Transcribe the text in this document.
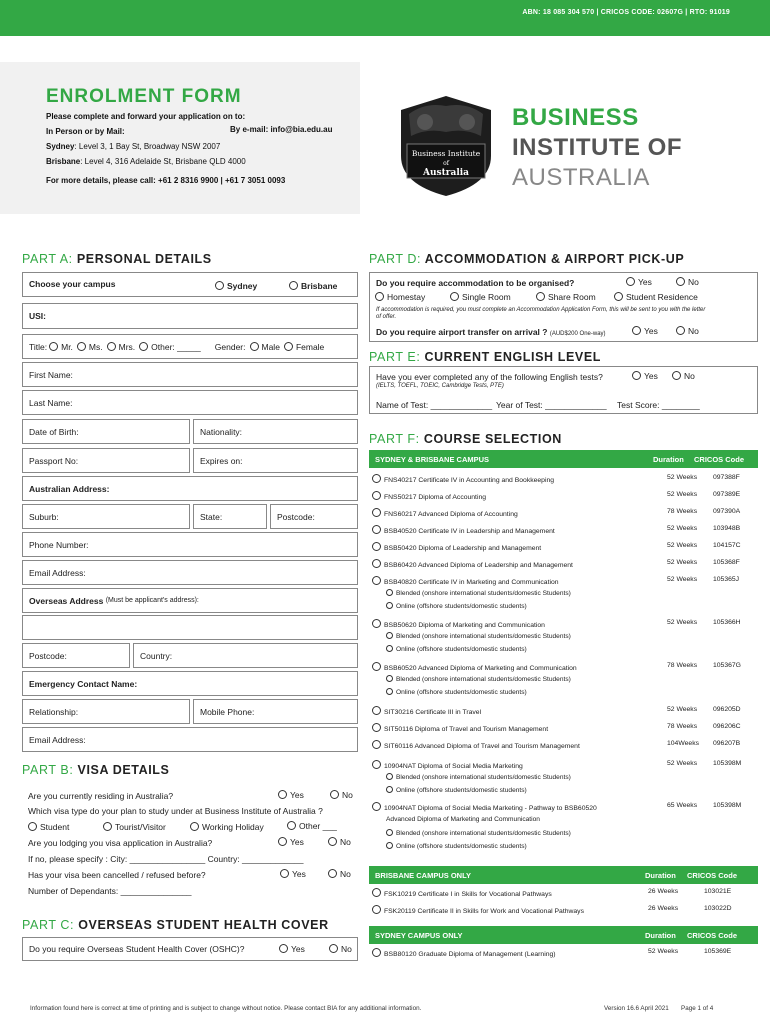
ABN: 18 085 304 570 | CRICOS CODE: 02607G | RTO: 91019
ENROLMENT FORM
Please complete and forward your application on to:
In Person or by Mail:	By e-mail: info@bia.edu.au
Sydney: Level 3, 1 Bay St, Broadway NSW 2007
Brisbane: Level 4, 316 Adelaide St, Brisbane QLD 4000
For more details, please call: +61 2 8316 9900 | +61 7 3051 0093
Business Institute
of
Australia
BUSINESS
INSTITUTE OF
AUSTRALIA
PART A: PERSONAL DETAILS
Choose your campus	Sydney	Brisbane
USI:
Title:	Mr.	Ms.	Mrs.	Other: _____ Gender:	Male	Female
First Name:
Last Name:
Date of Birth:	Nationality:
Passport No:	Expires on:
Australian Address:
Suburb:	State:	Postcode:
Phone Number:
Email Address:
Overseas Address
(Must be applicant's address):
Postcode:	Country:
Emergency Contact Name:
Relationship:	Mobile Phone:
Email Address:
PART B: VISA DETAILS
Are you currently residing in Australia?	Yes	No
Which visa type do your plan to study under at Business Institute of Australia ?
Student	Tourist/Visitor	Working Holiday	Other ___
Are you lodging you visa application in Australia?	Yes	No
If no, please specify : City: ________________ Country: _____________
Has your visa been cancelled / refused before?	Yes	No
Number of Dependants: _______________
PART C: OVERSEAS STUDENT HEALTH COVER
Do you require Overseas Student Health Cover (OSHC)?	Yes	No
PART D: ACCOMMODATION & AIRPORT PICK-UP
Do you require accommodation to be organised?	Yes	No
Homestay	Single Room	Share Room	Student Residence
If accommodation is required, you must complete an Accommodation Application Form, this will be sent to you with the letter of offer.
Do you require airport transfer on arrival ? (AUD$200 One-way)	Yes	No
PART E: CURRENT ENGLISH LEVEL
Have you ever completed any of the following English tests?	Yes	No
(IELTS, TOEFL, TOEIC, Cambridge Tests, PTE)
Name of Test: _____________ Year of Test: _____________ Test Score: ________
PART F: COURSE SELECTION
SYDNEY & BRISBANE CAMPUS	Duration CRICOS Code
FNS40217 Certificate IV in Accounting and Bookkeeping	52 Weeks 097388F
FNS50217 Diploma of Accounting	52 Weeks 097389E
FNS60217 Advanced Diploma of Accounting	78 Weeks 097390A
BSB40520 Certificate IV in Leadership and Management	52 Weeks 103948B
BSB50420 Diploma of Leadership and Management	52 Weeks 104157C
BSB60420 Advanced Diploma of Leadership and Management	52 Weeks 105368F
BSB40820 Certificate IV in Marketing and Communication	52 Weeks 105365J
BSB50620 Diploma of Marketing and Communication	52 Weeks 105366H
BSB60520 Advanced Diploma of Marketing and Communication	78 Weeks 105367G
SIT30216 Certificate III in Travel	52 Weeks 096205D
SIT50116 Diploma of Travel and Tourism Management	78 Weeks 096206C
SIT60116 Advanced Diploma of Travel and Tourism Management	104Weeks 096207B
10904NAT Diploma of Social Media Marketing	52 Weeks 105398M
10904NAT Diploma of Social Media Marketing - Pathway to BSB60520	65 Weeks 105398M
Blended (onshore international students/domestic Students)
Online (offshore students/domestic students)
Blended (onshore international students/domestic Students)
Online (offshore students/domestic students)
Blended (onshore international students/domestic Students)
Online (offshore students/domestic students)
Blended (onshore international students/domestic Students)
Online (offshore students/domestic students)
Advanced Diploma of Marketing and Communication
Blended (onshore international students/domestic Students)
Online (offshore students/domestic students)
BRISBANE CAMPUS ONLY	Duration CRICOS Code
FSK10219 Certificate I in Skills for Vocational Pathways	26 Weeks	103021E
FSK20119 Certificate II in Skills for Work and Vocational Pathways	26 Weeks	103022D
SYDNEY CAMPUS ONLY	Duration CRICOS Code
BSB80120 Graduate Diploma of Management (Learning)	52 Weeks	105369E
Information found here is correct at time of printing and is subject to change without notice. Please contact BIA for any additional information.	Version 16.6 April 2021 Page 1 of 4
